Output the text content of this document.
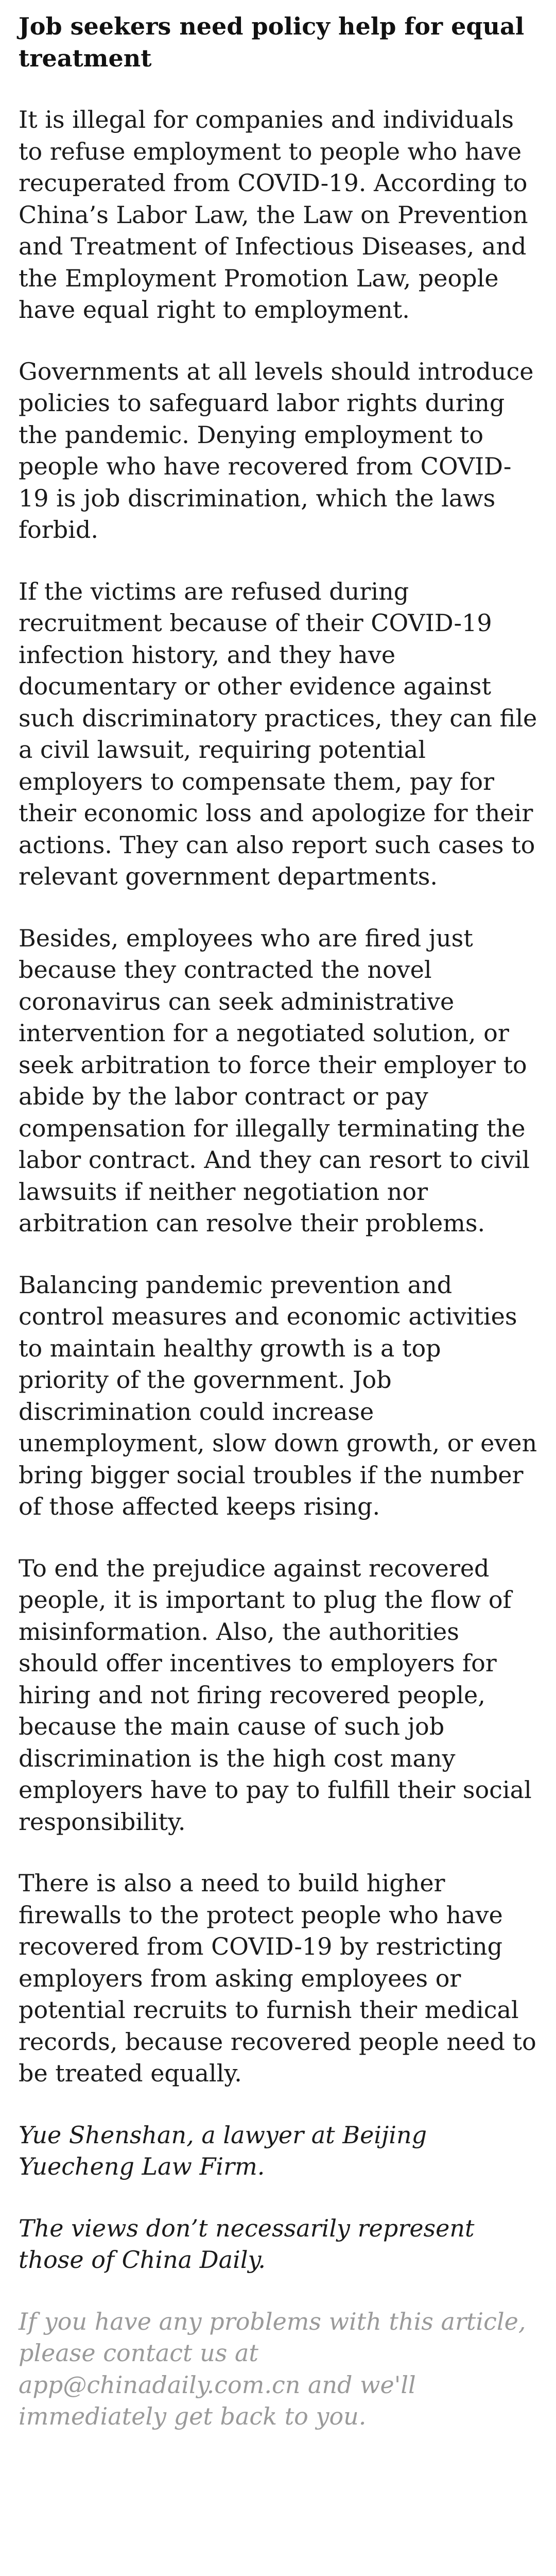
Job seekers need policy help for equal treatment

It is illegal for companies and individuals to refuse employment to people who have recuperated from COVID-19. According to China’s Labor Law, the Law on Prevention and Treatment of Infectious Diseases, and the Employment Promotion Law, people have equal right to employment.

Governments at all levels should introduce policies to safeguard labor rights during the pandemic. Denying employment to people who have recovered from COVID-19 is job discrimination, which the laws forbid.

If the victims are refused during recruitment because of their COVID-19 infection history, and they have documentary or other evidence against such discriminatory practices, they can file a civil lawsuit, requiring potential employers to compensate them, pay for their economic loss and apologize for their actions. They can also report such cases to relevant government departments.

Besides, employees who are fired just because they contracted the novel coronavirus can seek administrative intervention for a negotiated solution, or seek arbitration to force their employer to abide by the labor contract or pay compensation for illegally terminating the labor contract. And they can resort to civil lawsuits if neither negotiation nor arbitration can resolve their problems.

Balancing pandemic prevention and control measures and economic activities to maintain healthy growth is a top priority of the government. Job discrimination could increase unemployment, slow down growth, or even bring bigger social troubles if the number of those affected keeps rising.

To end the prejudice against recovered people, it is important to plug the flow of misinformation. Also, the authorities should offer incentives to employers for hiring and not firing recovered people, because the main cause of such job discrimination is the high cost many employers have to pay to fulfill their social responsibility.

There is also a need to build higher firewalls to the protect people who have recovered from COVID-19 by restricting employers from asking employees or potential recruits to furnish their medical records, because recovered people need to be treated equally.

Yue Shenshan, a lawyer at Beijing Yuecheng Law Firm.

The views don’t necessarily represent those of China Daily.

If you have any problems with this article, please contact us at app@chinadaily.com.cn and we'll immediately get back to you.
